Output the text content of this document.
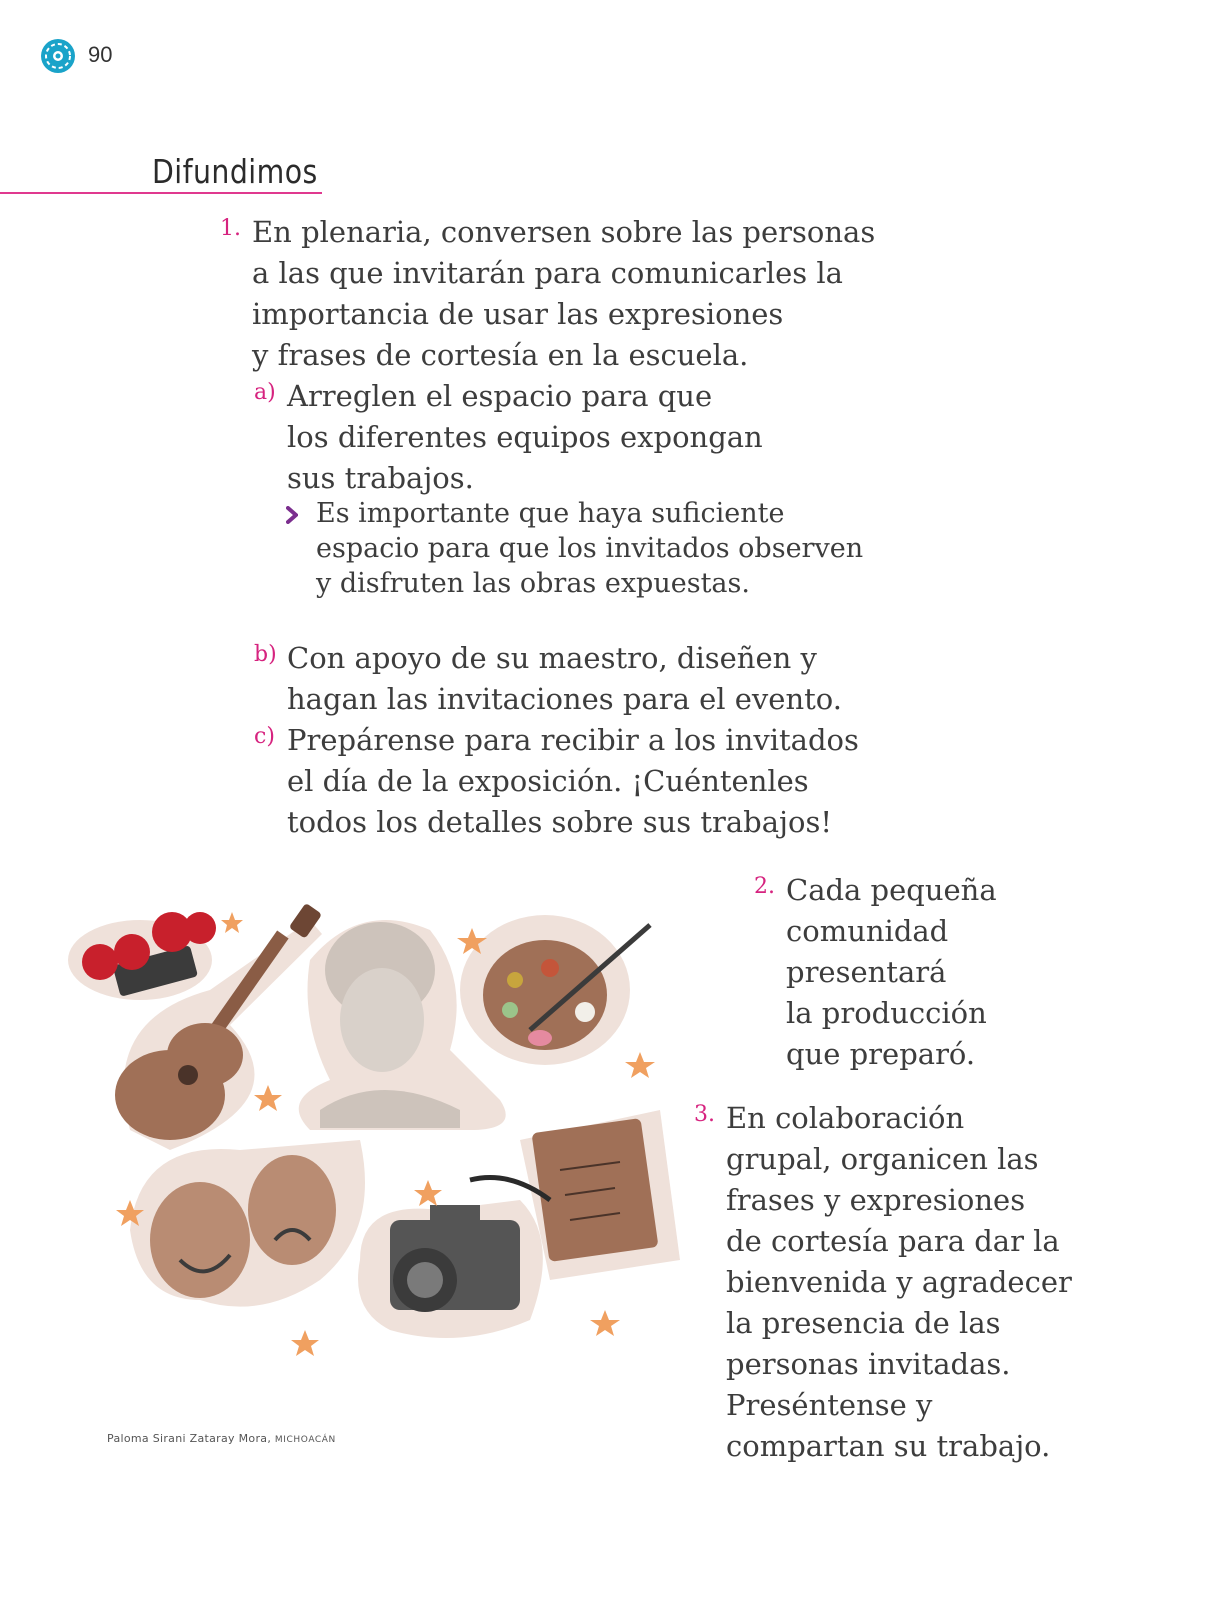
90
Difundimos
1. En plenaria, conversen sobre las personas
a las que invitarán para comunicarles la
importancia de usar las expresiones
y frases de cortesía en la escuela.
a) Arreglen el espacio para que
los diferentes equipos expongan
sus trabajos.
Es importante que haya suficiente
espacio para que los invitados observen
y disfruten las obras expuestas.
b) Con apoyo de su maestro, diseñen y
hagan las invitaciones para el evento.
c) Prepárense para recibir a los invitados
el día de la exposición. ¡Cuéntenles
todos los detalles sobre sus trabajos!
2. Cada pequeña
comunidad
presentará
la producción
que preparó.
3. En colaboración
grupal, organicen las
frases y expresiones
de cortesía para dar la
bienvenida y agradecer
la presencia de las
personas invitadas.
Preséntense y
compartan su trabajo.
Paloma Sirani Zataray Mora, MICHOACÁN
